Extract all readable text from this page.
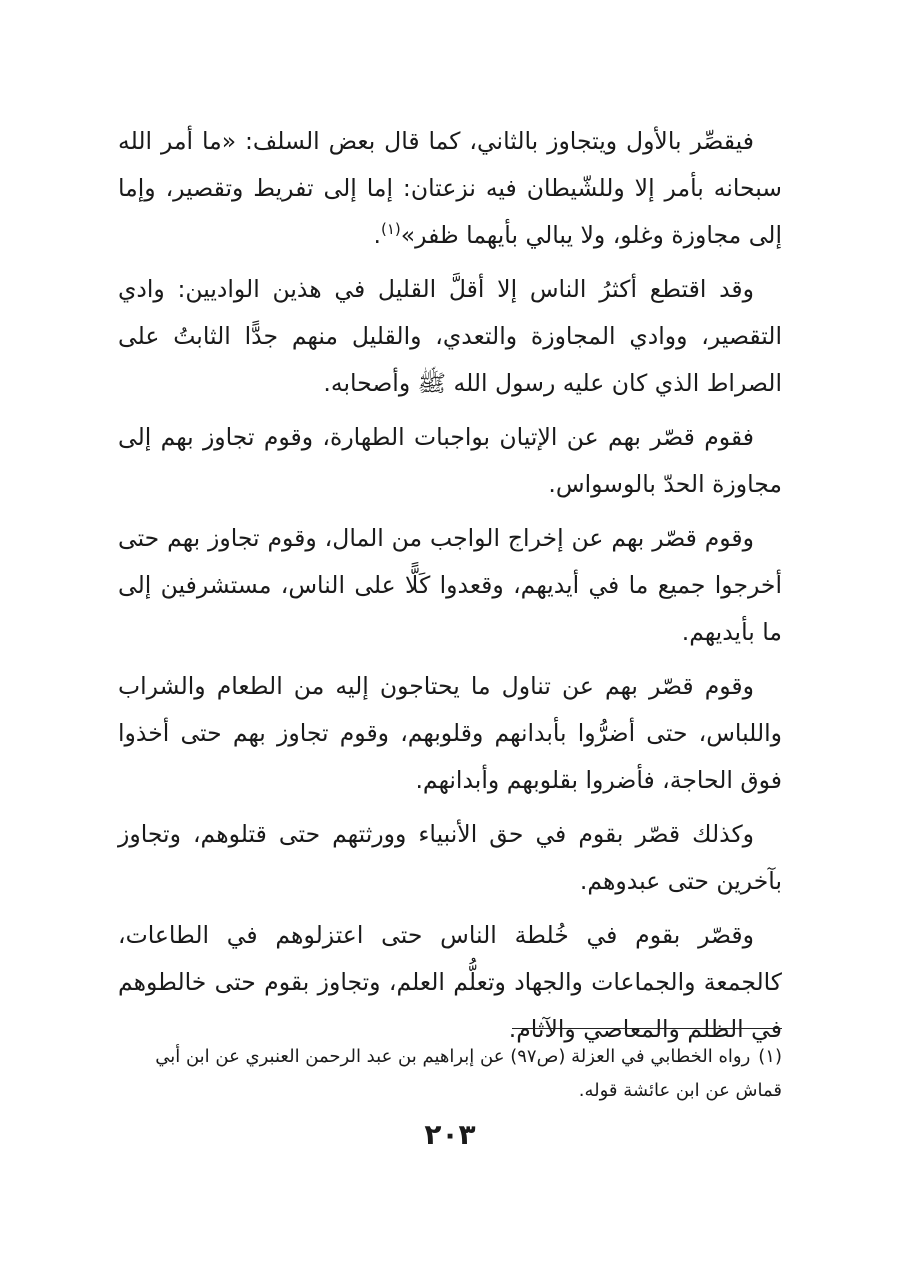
فيقصِّر بالأول ويتجاوز بالثاني، كما قال بعض السلف: «ما أمر الله سبحانه بأمر إلا وللشّيطان فيه نزعتان: إما إلى تفريط وتقصير، وإما إلى مجاوزة وغلو، ولا يبالي بأيهما ظفر»$^{(١)}$.

وقد اقتطع أكثرُ الناس إلا أقلَّ القليل في هذين الواديين: وادي التقصير، ووادي المجاوزة والتعدي، والقليل منهم جدًّا الثابتُ على الصراط الذي كان عليه رسول الله ﷺ وأصحابه.

فقوم قصّر بهم عن الإتيان بواجبات الطهارة، وقوم تجاوز بهم إلى مجاوزة الحدّ بالوسواس.

وقوم قصّر بهم عن إخراج الواجب من المال، وقوم تجاوز بهم حتى أخرجوا جميع ما في أيديهم، وقعدوا كَلًّا على الناس، مستشرفين إلى ما بأيديهم.

وقوم قصّر بهم عن تناول ما يحتاجون إليه من الطعام والشراب واللباس، حتى أضرُّوا بأبدانهم وقلوبهم، وقوم تجاوز بهم حتى أخذوا فوق الحاجة، فأضروا بقلوبهم وأبدانهم.

وكذلك قصّر بقوم في حق الأنبياء وورثتهم حتى قتلوهم، وتجاوز بآخرين حتى عبدوهم.

وقصّر بقوم في خُلطة الناس حتى اعتزلوهم في الطاعات، كالجمعة والجماعات والجهاد وتعلُّم العلم، وتجاوز بقوم حتى خالطوهم في الظلم والمعاصي والآثام.

(١)رواه الخطابي في العزلة (ص٩٧) عن إبراهيم بن عبد الرحمن العنبري عن ابن أبي قماش عن ابن عائشة قوله.

٢٠٣
